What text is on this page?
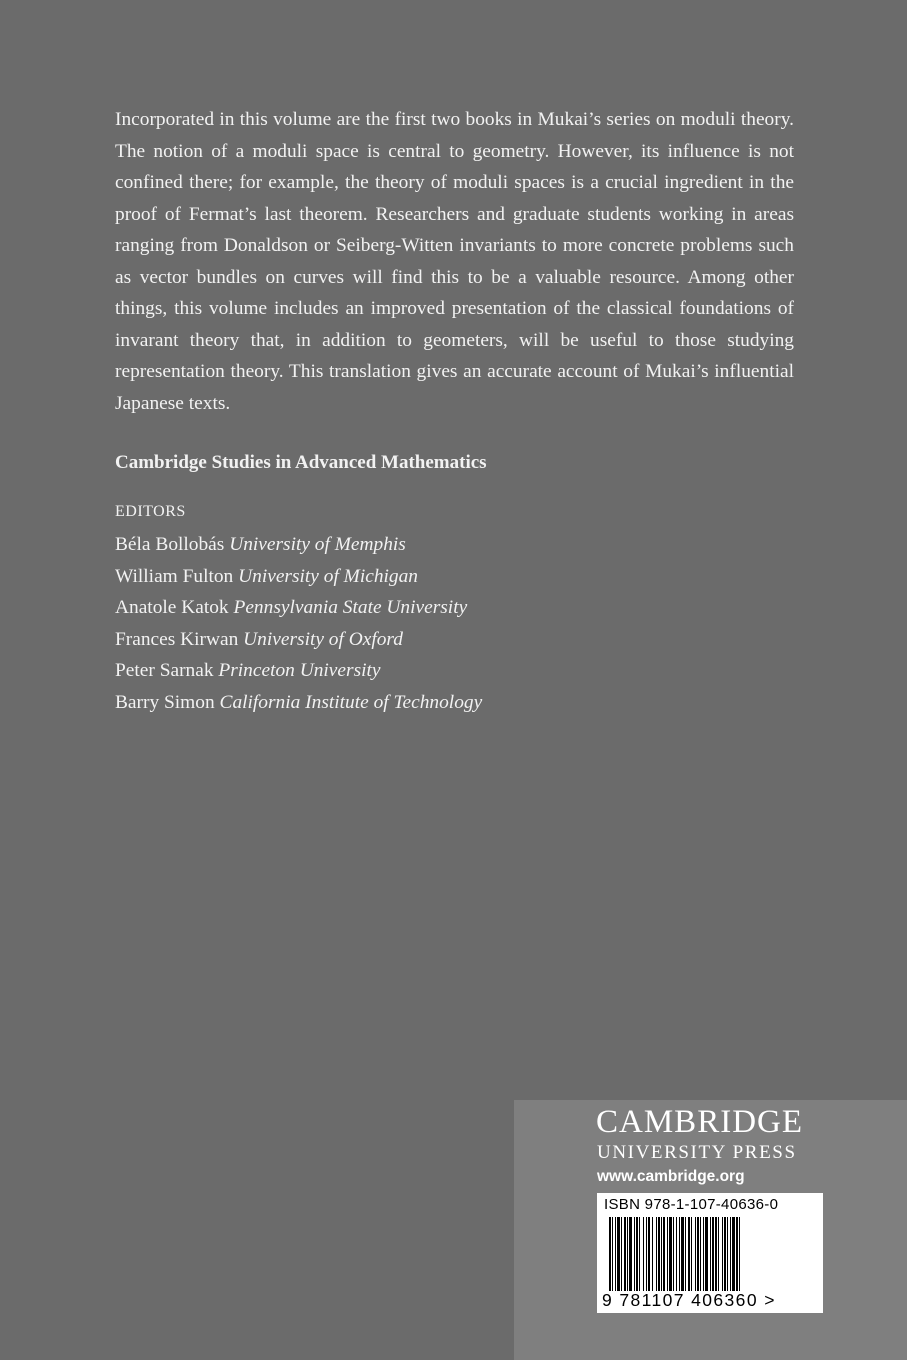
Incorporated in this volume are the first two books in Mukai’s series on moduli theory. The notion of a moduli space is central to geometry. However, its influence is not confined there; for example, the theory of moduli spaces is a crucial ingredient in the proof of Fermat’s last theorem. Researchers and graduate students working in areas ranging from Donaldson or Seiberg-Witten invariants to more concrete problems such as vector bundles on curves will find this to be a valuable resource. Among other things, this volume includes an improved presentation of the classical foundations of invarant theory that, in addition to geometers, will be useful to those studying representation theory. This translation gives an accurate account of Mukai’s influential Japanese texts.

Cambridge Studies in Advanced Mathematics

EDITORS

Béla Bollobás University of Memphis
William Fulton University of Michigan
Anatole Katok Pennsylvania State University
Frances Kirwan University of Oxford
Peter Sarnak Princeton University
Barry Simon California Institute of Technology

CAMBRIDGE

UNIVERSITY PRESS

www.cambridge.org

ISBN 978-1-107-40636-0

9 781107 406360 >
